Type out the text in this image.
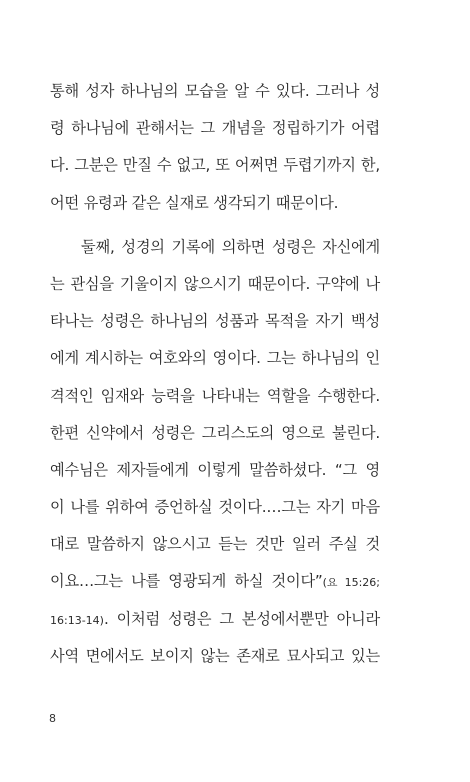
통해 성자 하나님의 모습을 알 수 있다. 그러나 성
령 하나님에 관해서는 그 개념을 정립하기가 어렵
다. 그분은 만질 수 없고, 또 어쩌면 두렵기까지 한,
어떤 유령과 같은 실재로 생각되기 때문이다.
둘째, 성경의 기록에 의하면 성령은 자신에게
는 관심을 기울이지 않으시기 때문이다. 구약에 나
타나는 성령은 하나님의 성품과 목적을 자기 백성
에게 계시하는 여호와의 영이다. 그는 하나님의 인
격적인 임재와 능력을 나타내는 역할을 수행한다.
한편 신약에서 성령은 그리스도의 영으로 불린다.
예수님은 제자들에게 이렇게 말씀하셨다. “그 영
이 나를 위하여 증언하실 것이다.…그는 자기 마음
대로 말씀하지 않으시고 듣는 것만 일러 주실 것
이요…그는 나를 영광되게 하실 것이다”(요 15:26;
16:13-14). 이처럼 성령은 그 본성에서뿐만 아니라
사역 면에서도 보이지 않는 존재로 묘사되고 있는
8
